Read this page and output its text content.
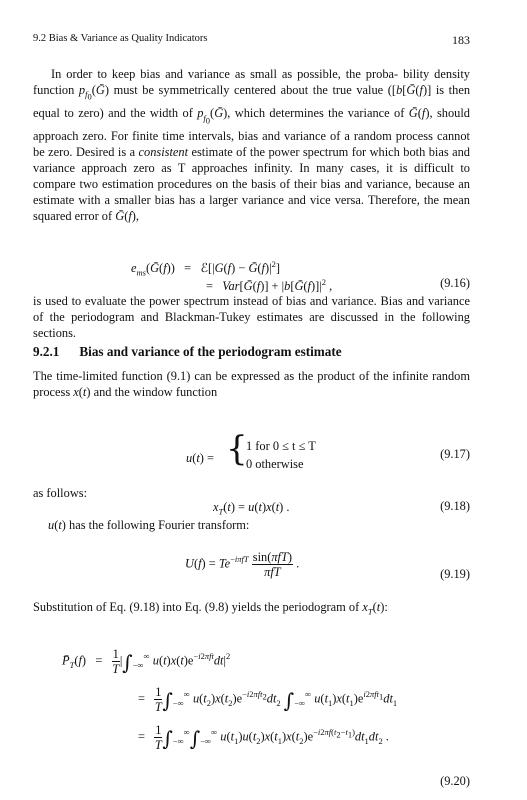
9.2 Bias & Variance as Quality Indicators	183
In order to keep bias and variance as small as possible, the proba- bility density function $p_{f_0}(Ḡ)$ must be symmetrically centered about the true value ([b[Ḡ(f)] is then equal to zero) and the width of $p_{f_0}(Ḡ)$, which determines the variance of Ḡ(f), should approach zero. For finite time intervals, bias and variance of a random process cannot be zero. Desired is a consistent estimate of the power spectrum for which both bias and variance approach zero as T approaches infinity. In many cases, it is difficult to compare two estimation procedures on the basis of their bias and variance, because an estimate with a smaller bias has a larger variance and vice versa. Therefore, the mean squared error of Ḡ(f),
$e_{ms}(Ḡ(f))$   =   ℰ[|G(f) − $Ḡ(f)|^2$]
=   Var[Ḡ(f)] + $|b[Ḡ(f)]|^2$ ,	(9.16)
is used to evaluate the power spectrum instead of bias and variance. Bias and variance of the periodogram and Blackman-Tukey estimates are discussed in the following sections.
9.2.1 Bias and variance of the periodogram estimate
The time-limited function (9.1) can be expressed as the product of the infinite random process x(t) and the window function
u(t) = {
1 for 0 ≤ t ≤ T
0 otherwise
(9.17)
as follows:
$x_T(t) = u(t)x(t)$ .	(9.18)
u(t) has the following Fourier transform:
$U(f) = Te^{-i\pi fT} \frac{\text{sin(πfT)}}{\text{πfT}}$ .
(9.19)
Substitution of Eq. (9.18) into Eq. (9.8) yields the periodogram of $x_T(t)$:
$P̄_T(f) = \frac{1}{T} |\int_{-\infty}^\infty$ $u(t)x(t)e^{-i2\pi ft}dt|^2$
= $\frac{1}{T} \int_{-\infty}^\infty$ $u(t_2)x(t_2)e^{-i2\pi ft_2}dt_2$ $\int_{-\infty}^\infty$ $u(t_1)x(t_1)e^{i2\pi ft_1}dt_1$
= $\frac{1}{T} \int_{-\infty}^\infty\int_{-\infty}^\infty$ $u(t_1)u(t_2)x(t_1)x(t_2)e^{-i2\pi f(t_2-t_1)}dt_1dt_2$ .
(9.20)
